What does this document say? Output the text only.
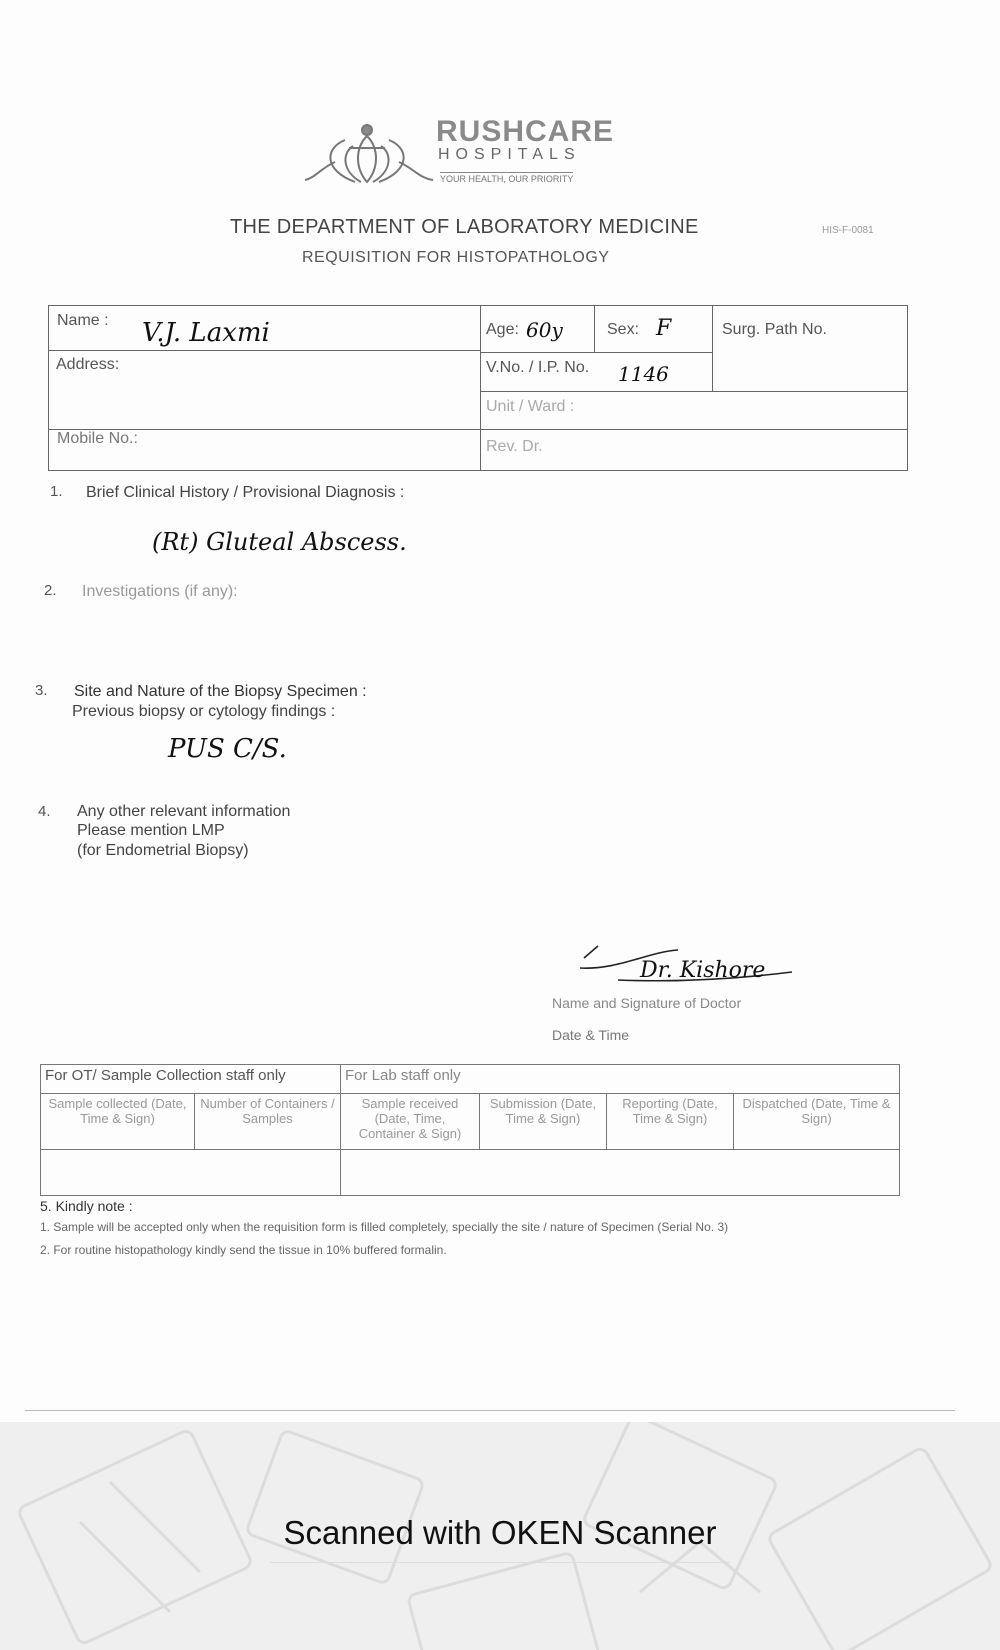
RUSHCARE
HOSPITALS
YOUR HEALTH, OUR PRIORITY
THE DEPARTMENT OF LABORATORY MEDICINE
REQUISITION FOR HISTOPATHOLOGY
HIS-F-0081
Name : V.J. Laxmi	Age: 60y	Sex: F	Surg. Path No.
Address:	V.No. / I.P. No. 1146
Unit / Ward :
Mobile No.:	Rev. Dr.
1. Brief Clinical History / Provisional Diagnosis :
(Rt) Gluteal Abscess.
2. Investigations (if any):
3. Site and Nature of the Biopsy Specimen :
Previous biopsy or cytology findings :
PUS C/S.
4. Any other relevant information
Please mention LMP
(for Endometrial Biopsy)
Dr. Kishore
Name and Signature of Doctor
Date & Time
For OT/ Sample Collection staff only		For Lab staff only			
Sample collected (Date, Time & Sign)	Number of Containers / Samples	Sample received (Date, Time, Container & Sign)	Submission (Date, Time & Sign)	Reporting (Date, Time & Sign)	Dispatched (Date, Time & Sign)

5. Kindly note :
1. Sample will be accepted only when the requisition form is filled completely, specially the site / nature of Specimen (Serial No. 3)
2. For routine histopathology kindly send the tissue in 10% buffered formalin.
Scanned with OKEN Scanner
